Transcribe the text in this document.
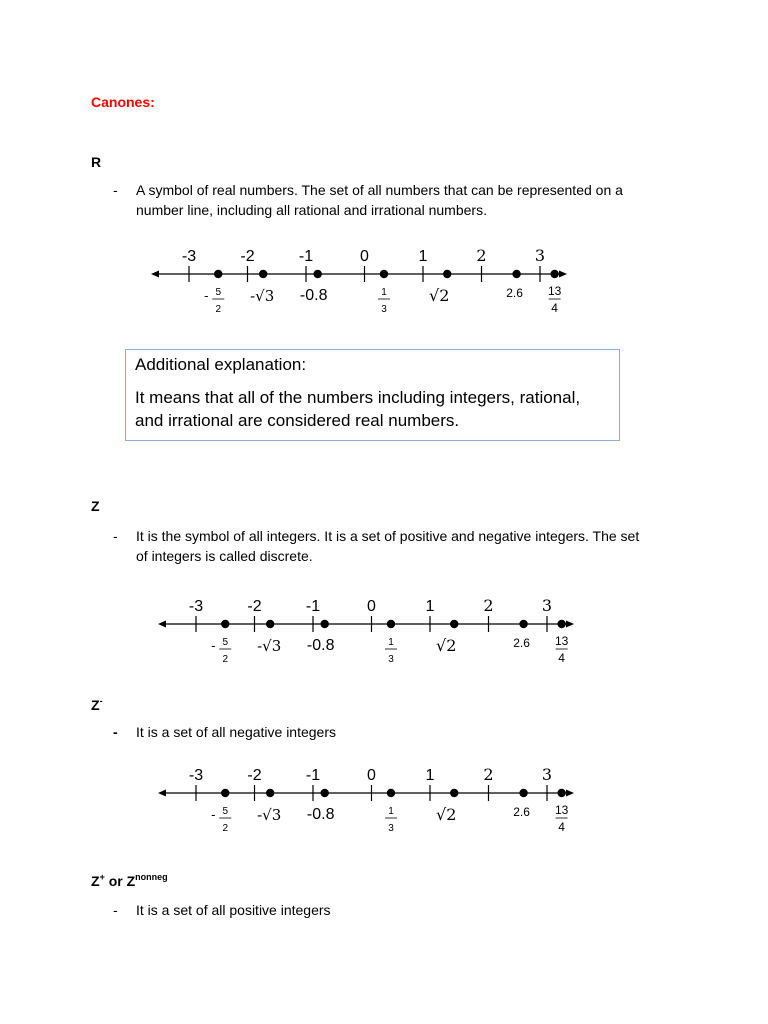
Canones:
R
- A symbol of real numbers. The set of all numbers that can be represented on a
number line, including all rational and irrational numbers.
-3	-2	-1	0	1	2	3
- 5
2
-√3 -0.8	1
3
√2	2.6 13
4
Additional explanation:
It means that all of the numbers including integers, rational,
and irrational are considered real numbers.
Z
- It is the symbol of all integers. It is a set of positive and negative integers. The set
of integers is called discrete.
-3	-2	-1	0	1	2	3
- 5
2
-√3 -0.8	1
3
√2	2.6 13
4
Z-
- It is a set of all negative integers
-3	-2	-1	0	1	2	3
- 5
2
-√3 -0.8	1
3
√2	2.6 13
4
Z+ or $Z^{nonneg}$
- It is a set of all positive integers
